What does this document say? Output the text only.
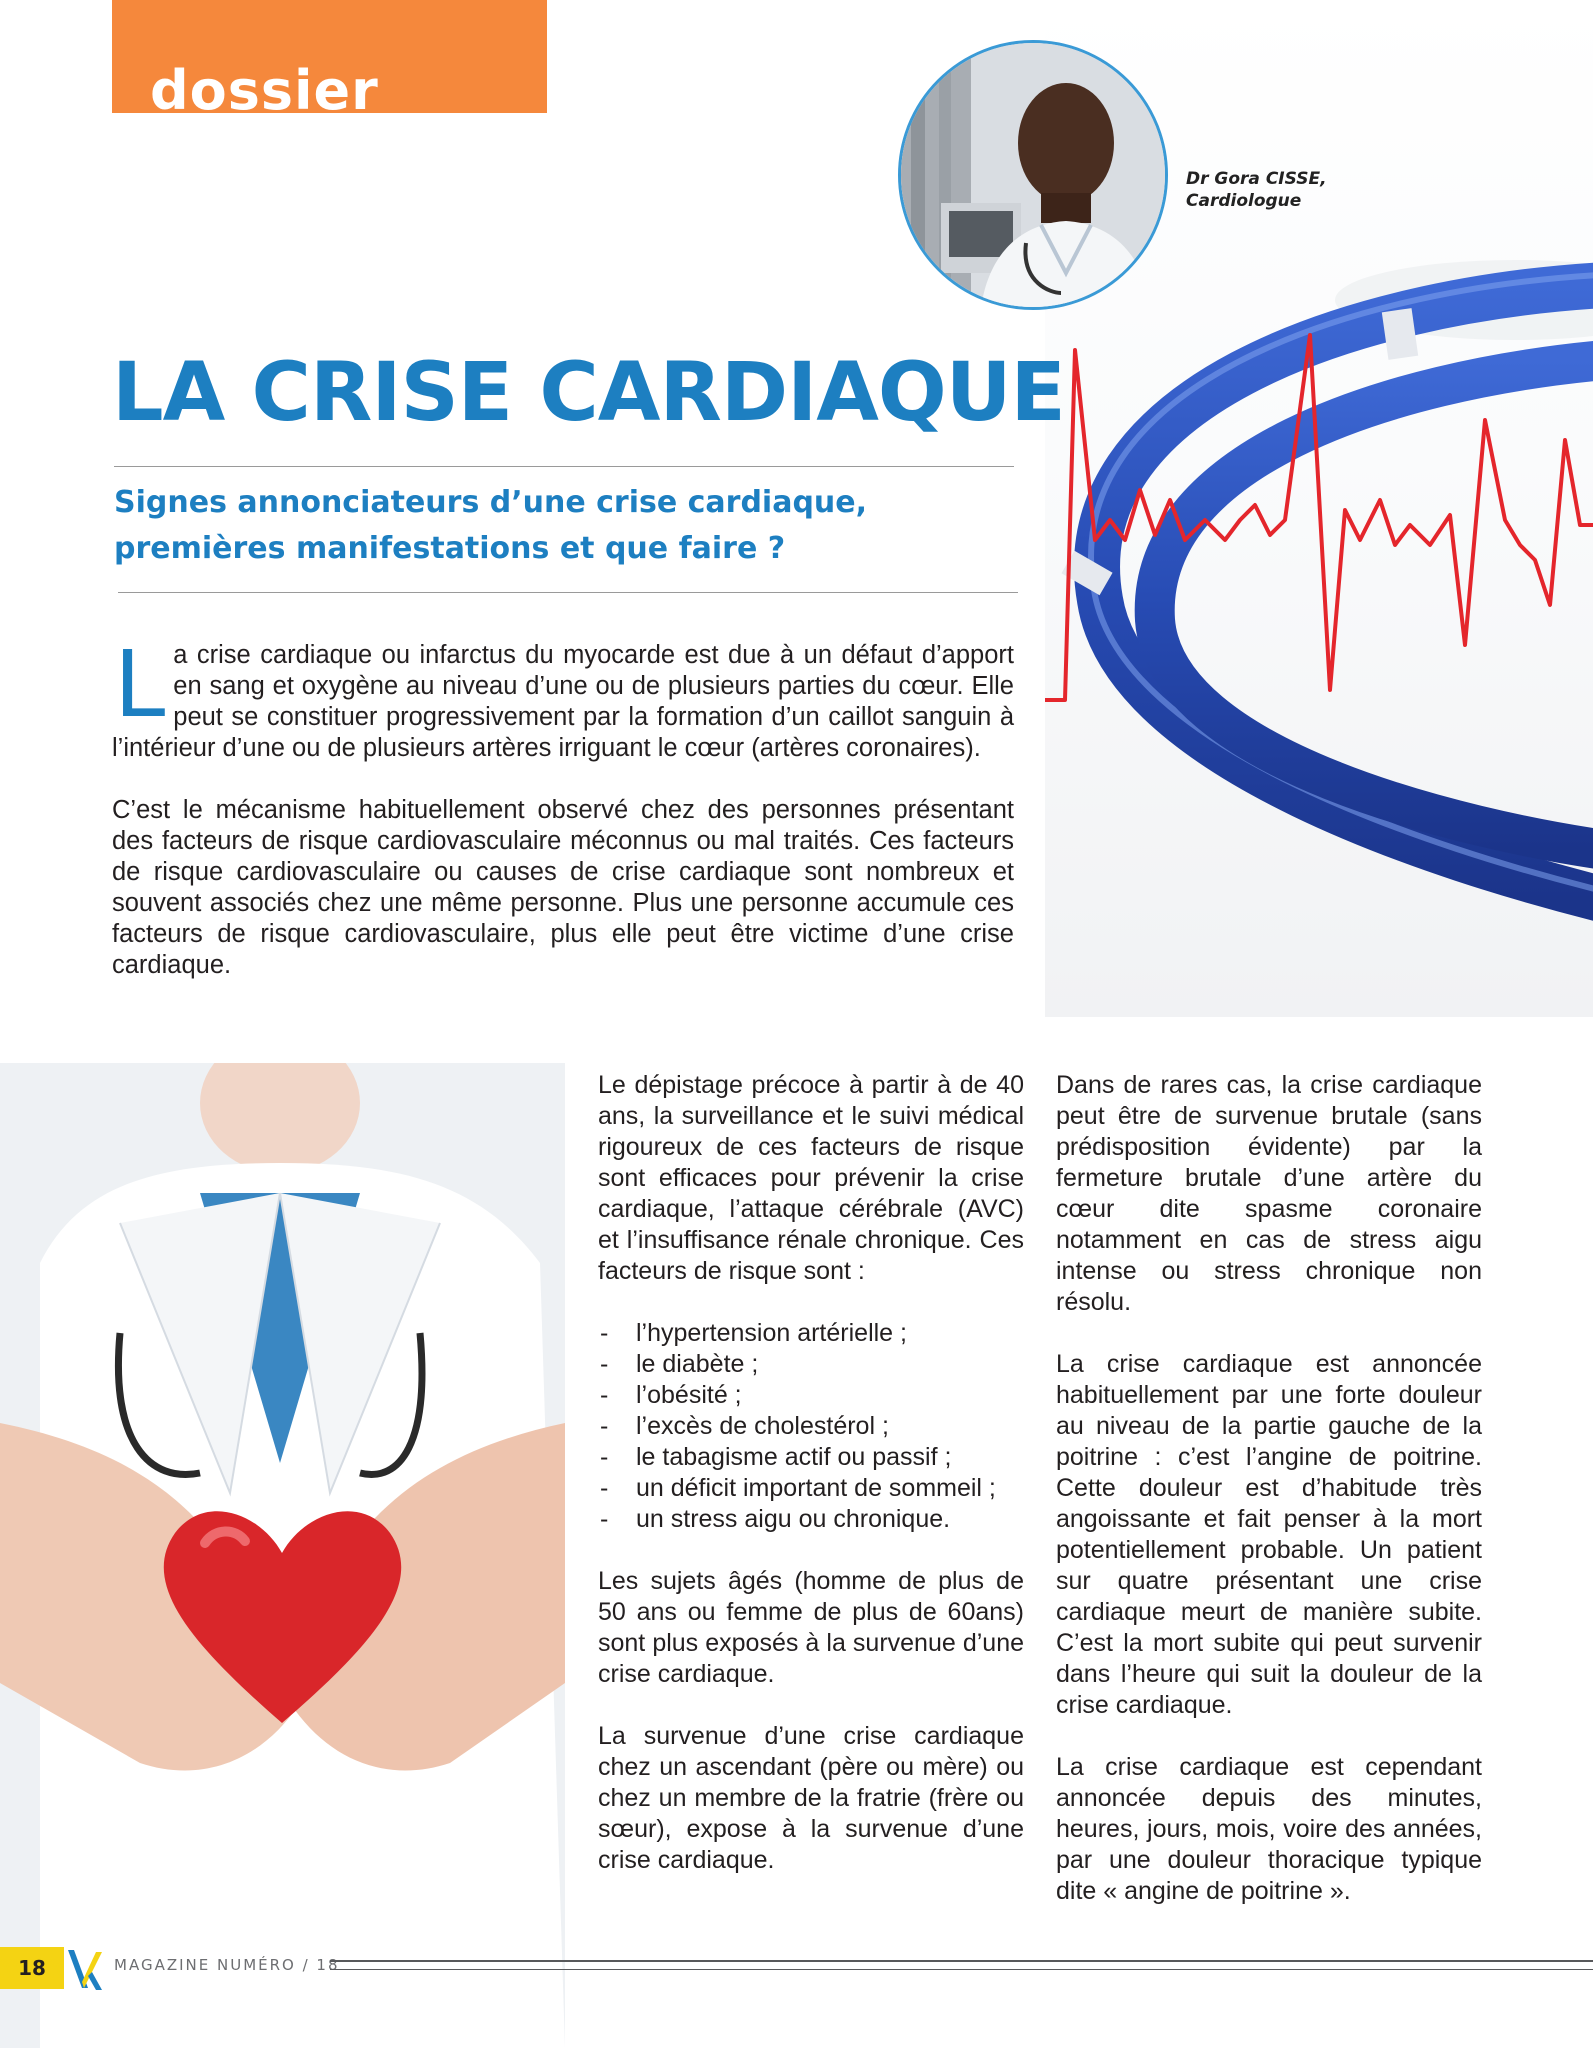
dossier
Dr Gora CISSE,
Cardiologue
LA CRISE CARDIAQUE
Signes annonciateurs d’une crise cardiaque,
premières manifestations et que faire ?

La crise cardiaque ou infarctus du myocarde est due à un défaut d’apport en sang et oxygène au niveau d’une ou de plusieurs parties du cœur. Elle peut se constituer progressivement par la formation d’un caillot sanguin à l’intérieur d’une ou de plusieurs artères irriguant le cœur (artères coronaires).

C’est le mécanisme habituellement observé chez des personnes présentant des facteurs de risque cardiovasculaire méconnus ou mal traités. Ces facteurs de risque cardiovasculaire ou causes de crise cardiaque sont nombreux et souvent associés chez une même personne. Plus une personne accumule ces facteurs de risque cardiovasculaire, plus elle peut être victime d’une crise cardiaque.

Le dépistage précoce à partir à de 40 ans, la surveillance et le suivi médical rigoureux de ces facteurs de risque sont efficaces pour prévenir la crise cardiaque, l’attaque cérébrale (AVC) et l’insuffisance rénale chronique. Ces facteurs de risque sont :

- l’hypertension artérielle ;
- le diabète ;
- l’obésité ;
- l’excès de cholestérol ;
- le tabagisme actif ou passif ;
- un déficit important de sommeil ;
- un stress aigu ou chronique.

Les sujets âgés (homme de plus de 50 ans ou femme de plus de 60ans) sont plus exposés à la survenue d’une crise cardiaque.

La survenue d’une crise cardiaque chez un ascendant (père ou mère) ou chez un membre de la fratrie (frère ou sœur), expose à la survenue d’une crise cardiaque.

Dans de rares cas, la crise cardiaque peut être de survenue brutale (sans prédisposition évidente) par la fermeture brutale d’une artère du cœur dite spasme coronaire notamment en cas de stress aigu intense ou stress chronique non résolu.

La crise cardiaque est annoncée habituellement par une forte douleur au niveau de la partie gauche de la poitrine : c’est l’angine de poitrine. Cette douleur est d’habitude très angoissante et fait penser à la mort potentiellement probable. Un patient sur quatre présentant une crise cardiaque meurt de manière subite. C’est la mort subite qui peut survenir dans l’heure qui suit la douleur de la crise cardiaque.

La crise cardiaque est cependant annoncée depuis des minutes, heures, jours, mois, voire des années, par une douleur thoracique typique dite « angine de poitrine ».

18	MAGAZINE NUMÉRO / 18
